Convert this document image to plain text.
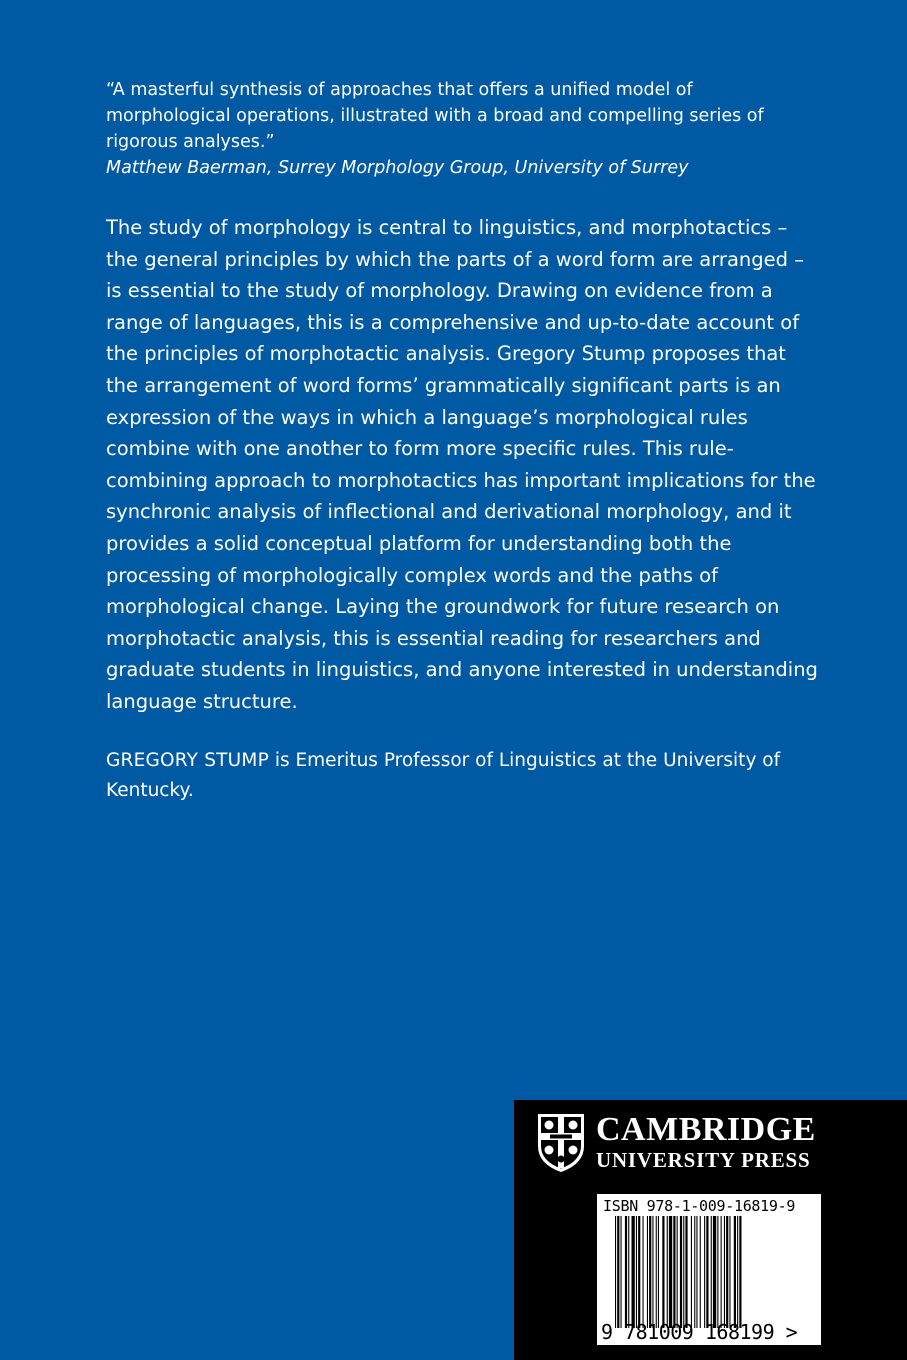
“A masterful synthesis of approaches that offers a unified model of morphological operations, illustrated with a broad and compelling series of rigorous analyses.”

Matthew Baerman, Surrey Morphology Group, University of Surrey

The study of morphology is central to linguistics, and morphotactics – the general principles by which the parts of a word form are arranged – is essential to the study of morphology. Drawing on evidence from a range of languages, this is a comprehensive and up-to-date account of the principles of morphotactic analysis. Gregory Stump proposes that the arrangement of word forms’ grammatically significant parts is an expression of the ways in which a language’s morphological rules combine with one another to form more specific rules. This rule-combining approach to morphotactics has important implications for the synchronic analysis of inflectional and derivational morphology, and it provides a solid conceptual platform for understanding both the processing of morphologically complex words and the paths of morphological change. Laying the groundwork for future research on morphotactic analysis, this is essential reading for researchers and graduate students in linguistics, and anyone interested in understanding language structure.

GREGORY STUMP is Emeritus Professor of Linguistics at the University of Kentucky.

CAMBRIDGE
UNIVERSITY PRESS
ISBN 978-1-009-16819-9
9 781009 168199 >
